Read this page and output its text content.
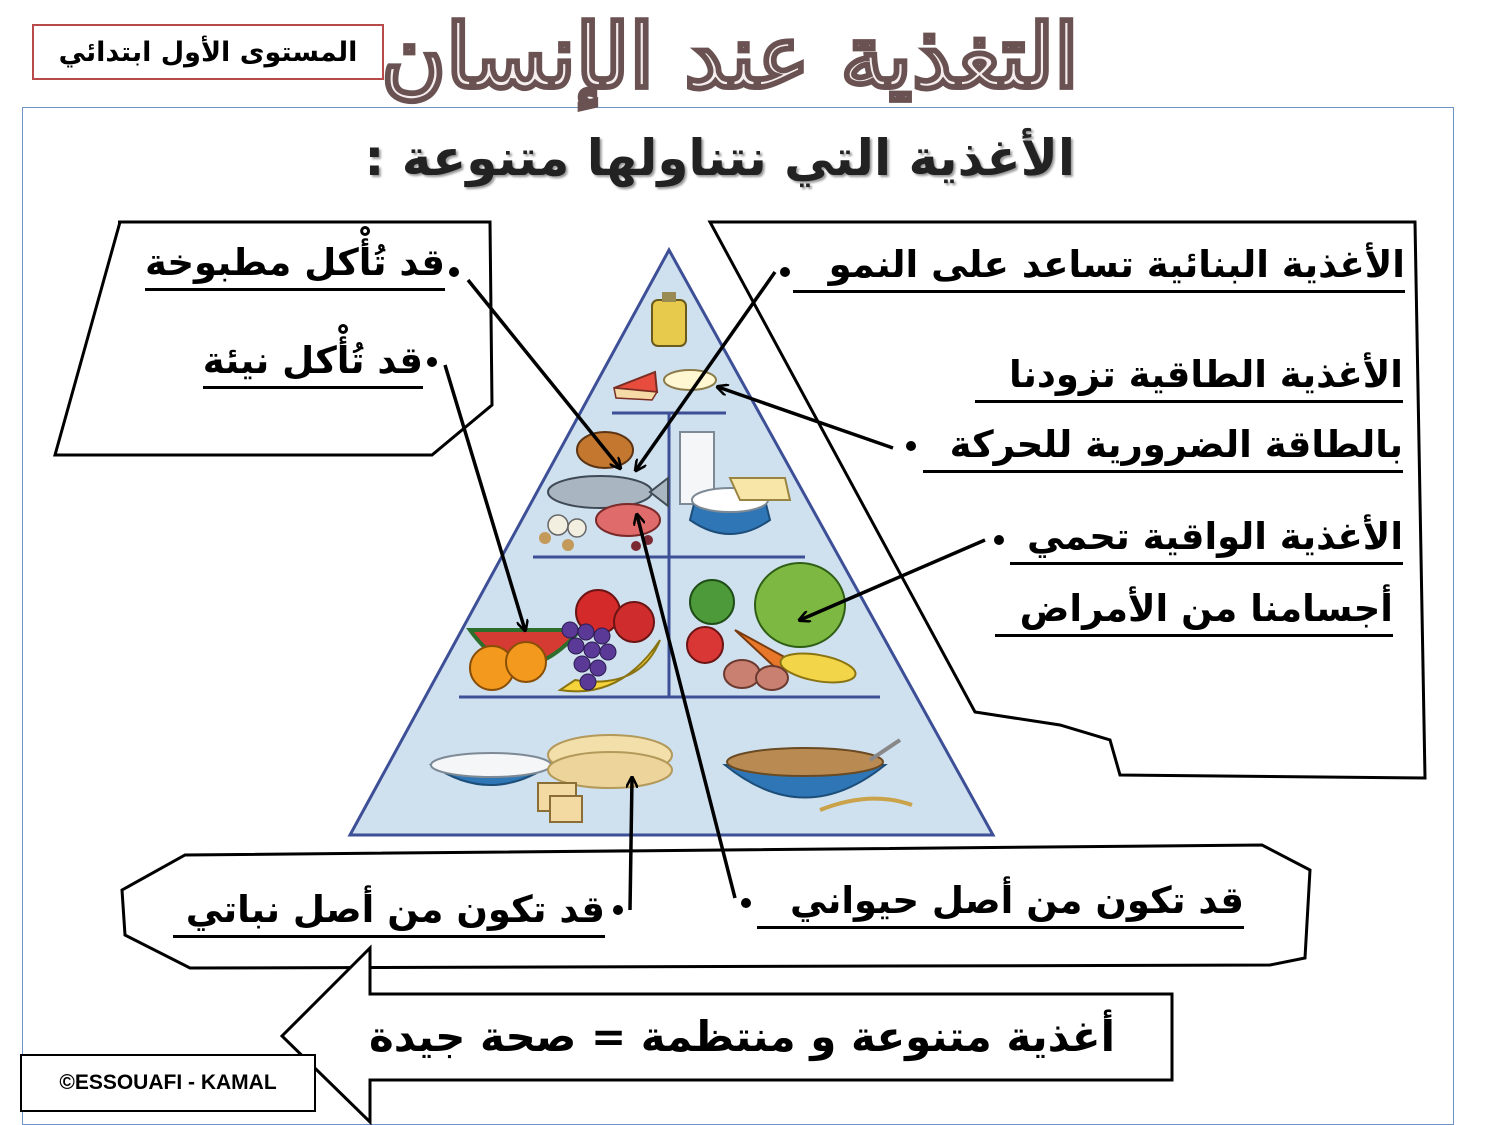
المستوى الأول ابتدائي التغذية عند الإنسان
الأغذية التي نتناولها متنوعة :
قد تُأْكل مطبوخة
قد تُأْكل نيئة
الأغذية البنائية تساعد على النمو
الأغذية الطاقية تزودنا
بالطاقة الضرورية للحركة
الأغذية الواقية تحمي
أجسامنا من الأمراض
قد تكون من أصل نباتي	قد تكون من أصل حيواني
أغذية متنوعة و منتظمة = صحة جيدة
©ESSOUAFI - KAMAL
